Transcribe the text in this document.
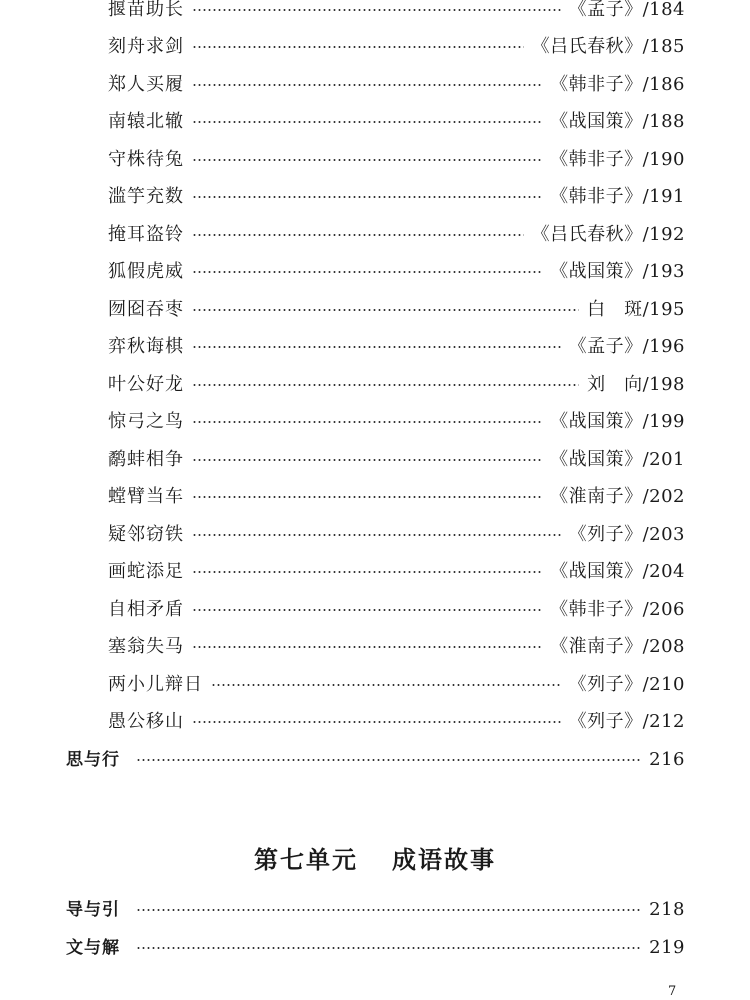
揠苗助长	《孟子》/184
刻舟求剑	《吕氏春秋》/185
郑人买履	《韩非子》/186
南辕北辙	《战国策》/188
守株待兔	《韩非子》/190
滥竽充数	《韩非子》/191
掩耳盗铃	《吕氏春秋》/192
狐假虎威	《战国策》/193
囫囵吞枣	白　斑/195
弈秋诲棋	《孟子》/196
叶公好龙	刘　向/198
惊弓之鸟	《战国策》/199
鹬蚌相争	《战国策》/201
螳臂当车	《淮南子》/202
疑邻窃铁	《列子》/203
画蛇添足	《战国策》/204
自相矛盾	《韩非子》/206
塞翁失马	《淮南子》/208
两小儿辩日	《列子》/210
愚公移山	《列子》/212
思与行	216
第七单元 成语故事
导与引	218
文与解	219
7
